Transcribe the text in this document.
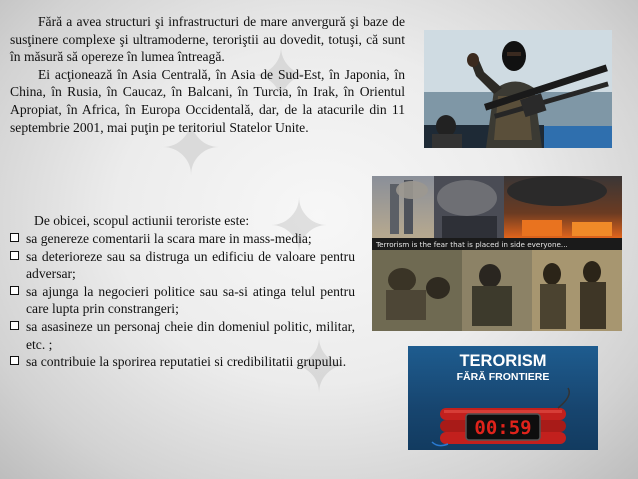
✦
✦
✦
✦

Fără a avea structuri şi infrastructuri de mare anvergură şi baze de susţinere complexe şi ultramoderne, teroriştii au dovedit, totuşi, că sunt în măsură să opereze în lumea întreagă.

Ei acţionează în Asia Centrală, în Asia de Sud-Est, în Japonia, în China, în Rusia, în Caucaz, în Balcani, în Turcia, în Irak, în Orientul Apropiat, în Africa, în Europa Occidentală, dar, de la atacurile din 11 septembrie 2001, mai puţin pe teritoriul Statelor Unite.

De obicei, scopul actiunii teroriste este:
sa genereze comentarii la scara mare in mass-media;
sa deterioreze sau sa distruga un edificiu de valoare pentru adversar;
sa ajunga la negocieri politice sau sa-si atinga telul pentru care lupta prin constrangeri;
sa asasineze un personaj cheie din domeniul politic, militar, etc. ;
sa contribuie la sporirea reputatiei si credibilitatii grupului.
Terrorism is the fear that is placed in side everyone...
TERORISM
FĂRĂ FRONTIERE
00:59
